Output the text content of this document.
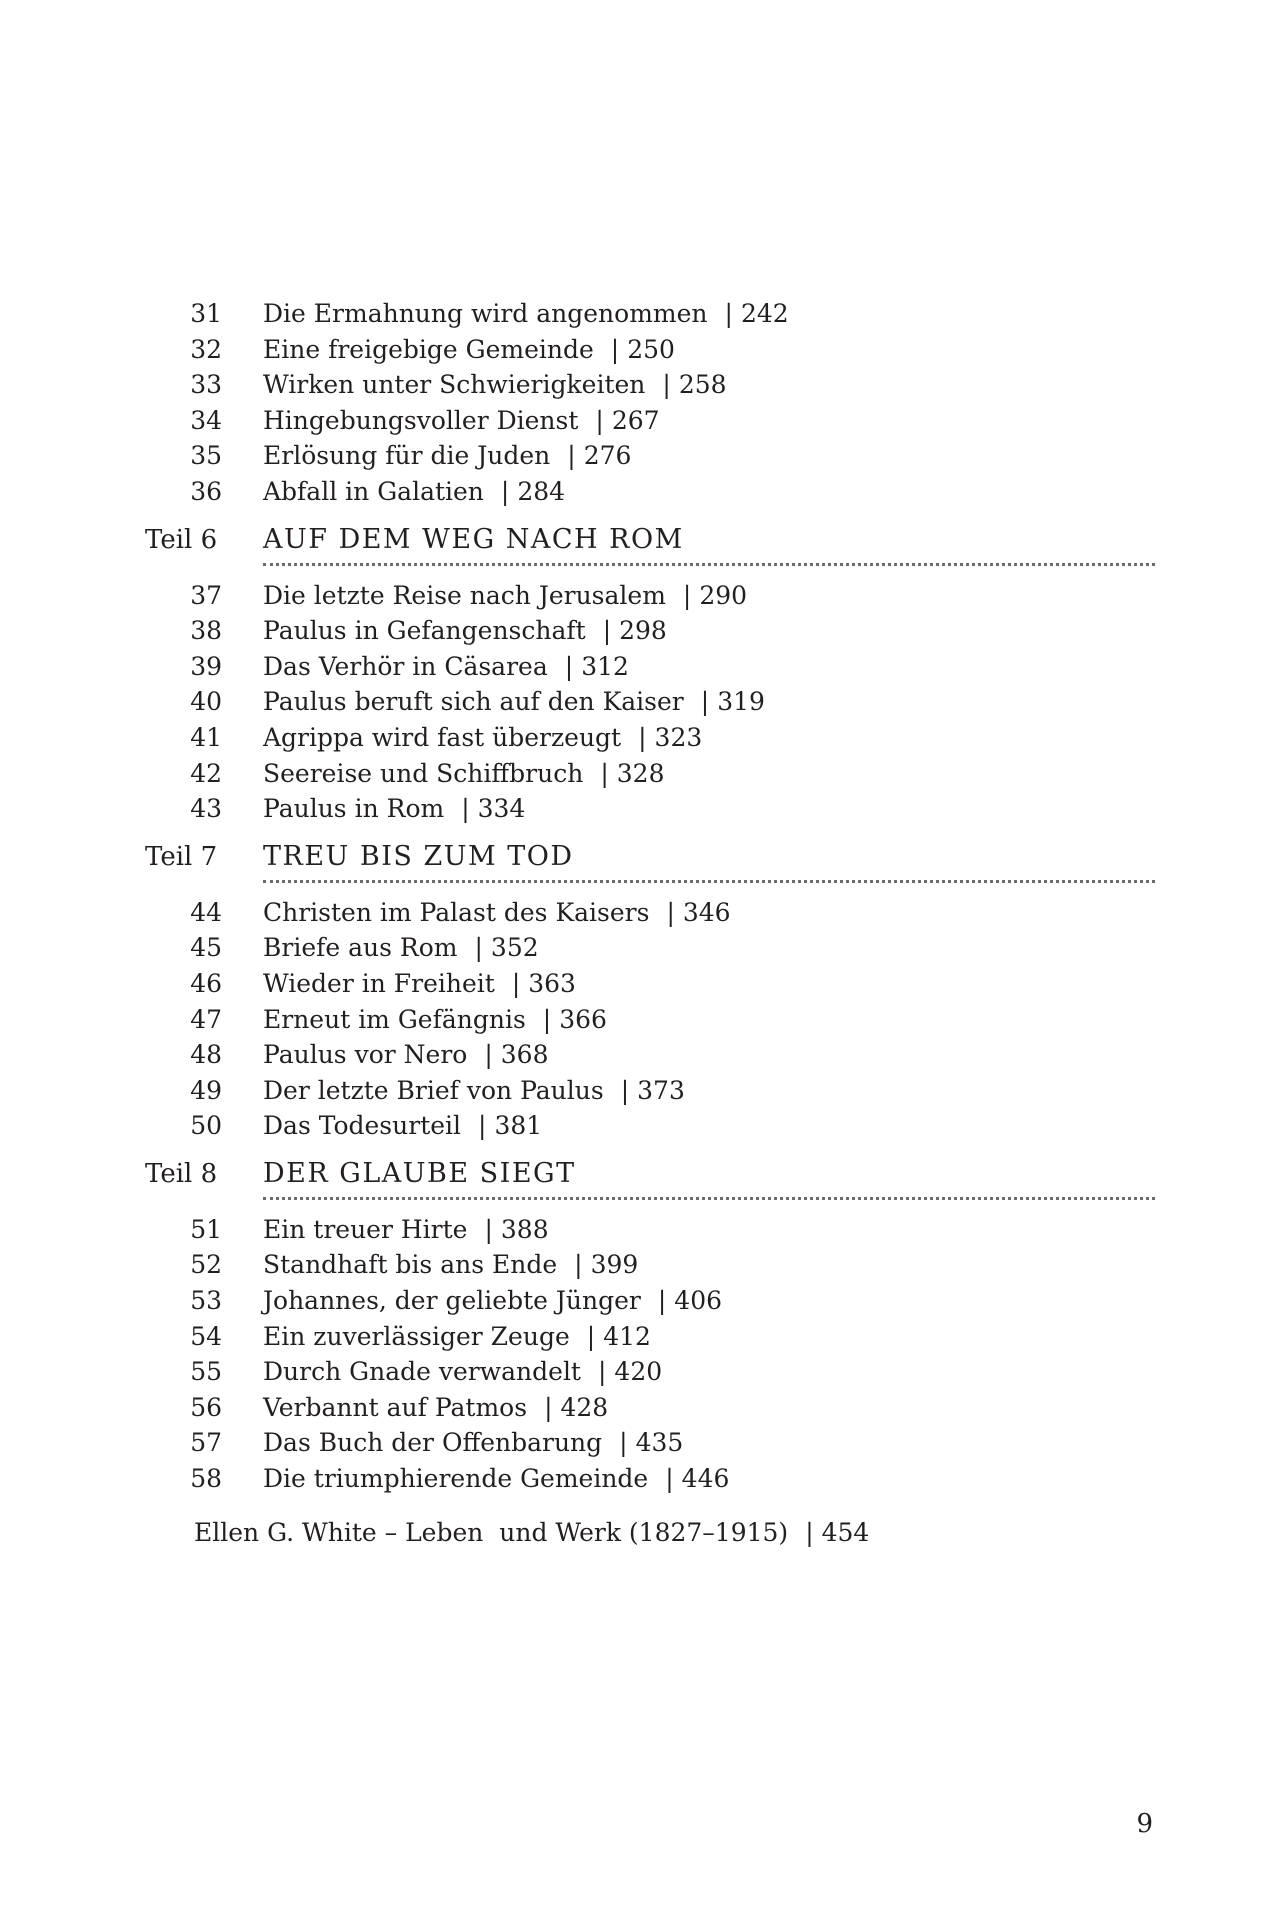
31 Die Ermahnung wird angenommen | 242
32 Eine freigebige Gemeinde | 250
33 Wirken unter Schwierigkeiten | 258
34 Hingebungsvoller Dienst | 267
35 Erlösung für die Juden | 276
36 Abfall in Galatien | 284
Teil 6 AUF DEM WEG NACH ROM
37 Die letzte Reise nach Jerusalem | 290
38 Paulus in Gefangenschaft | 298
39 Das Verhör in Cäsarea | 312
40 Paulus beruft sich auf den Kaiser | 319
41 Agrippa wird fast überzeugt | 323
42 Seereise und Schiffbruch | 328
43 Paulus in Rom | 334
Teil 7 TREU BIS ZUM TOD
44 Christen im Palast des Kaisers | 346
45 Briefe aus Rom | 352
46 Wieder in Freiheit | 363
47 Erneut im Gefängnis | 366
48 Paulus vor Nero | 368
49 Der letzte Brief von Paulus | 373
50 Das Todesurteil | 381
Teil 8 DER GLAUBE SIEGT
51 Ein treuer Hirte | 388
52 Standhaft bis ans Ende | 399
53 Johannes, der geliebte Jünger | 406
54 Ein zuverlässiger Zeuge | 412
55 Durch Gnade verwandelt | 420
56 Verbannt auf Patmos | 428
57 Das Buch der Offenbarung | 435
58 Die triumphierende Gemeinde | 446
Ellen G. White – Leben  und Werk (1827–1915) | 454
9
